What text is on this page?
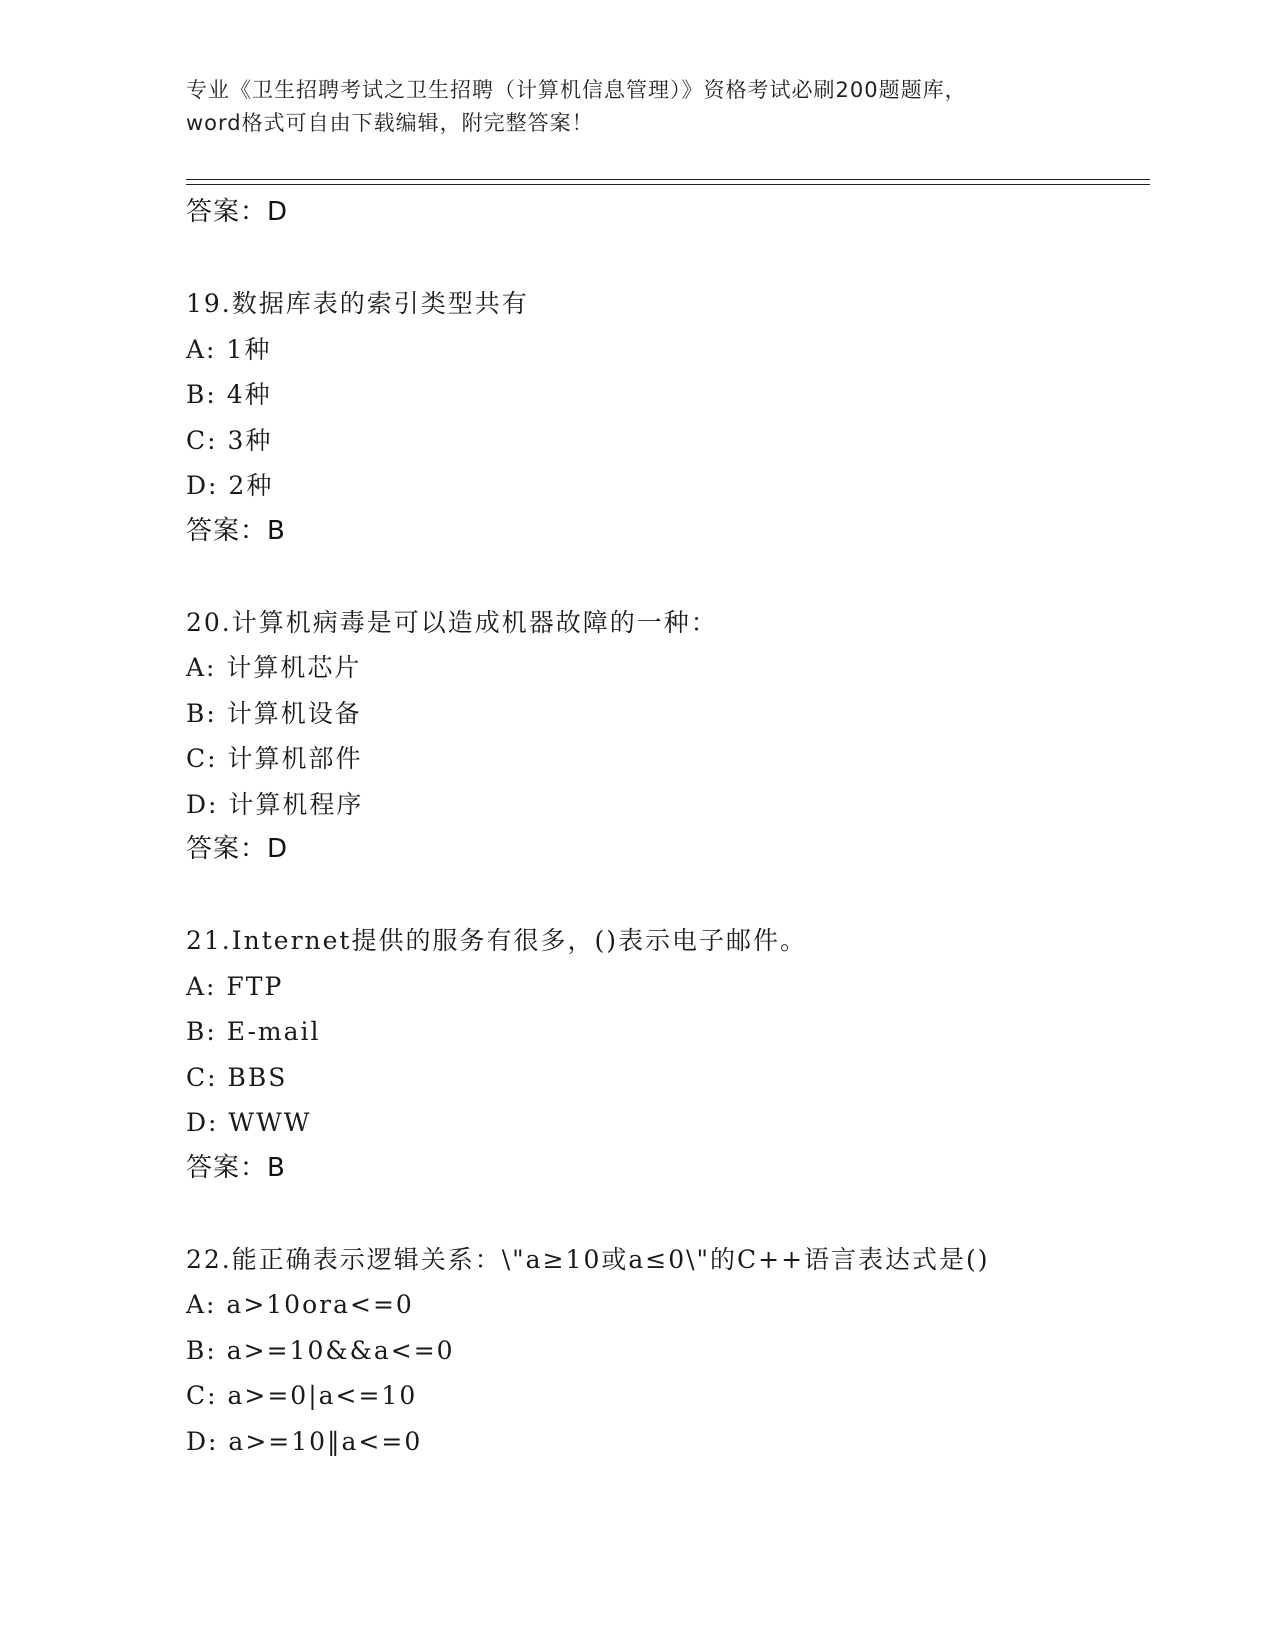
专业《卫生招聘考试之卫生招聘（计算机信息管理）》资格考试必刷200题题库，
word格式可自由下载编辑，附完整答案！
答案：D
19.数据库表的索引类型共有
A: 1种
B: 4种
C: 3种
D: 2种
答案：B
20.计算机病毒是可以造成机器故障的一种：
A: 计算机芯片
B: 计算机设备
C: 计算机部件
D: 计算机程序
答案：D
21.Internet提供的服务有很多，()表示电子邮件。
A: FTP
B: E-mail
C: BBS
D: WWW
答案：B
22.能正确表示逻辑关系：\"a≥10或a≤0\"的C++语言表达式是()
A: a>10ora<=0
B: a>=10&&a<=0
C: a>=0|a<=10
D: a>=10‖a<=0
